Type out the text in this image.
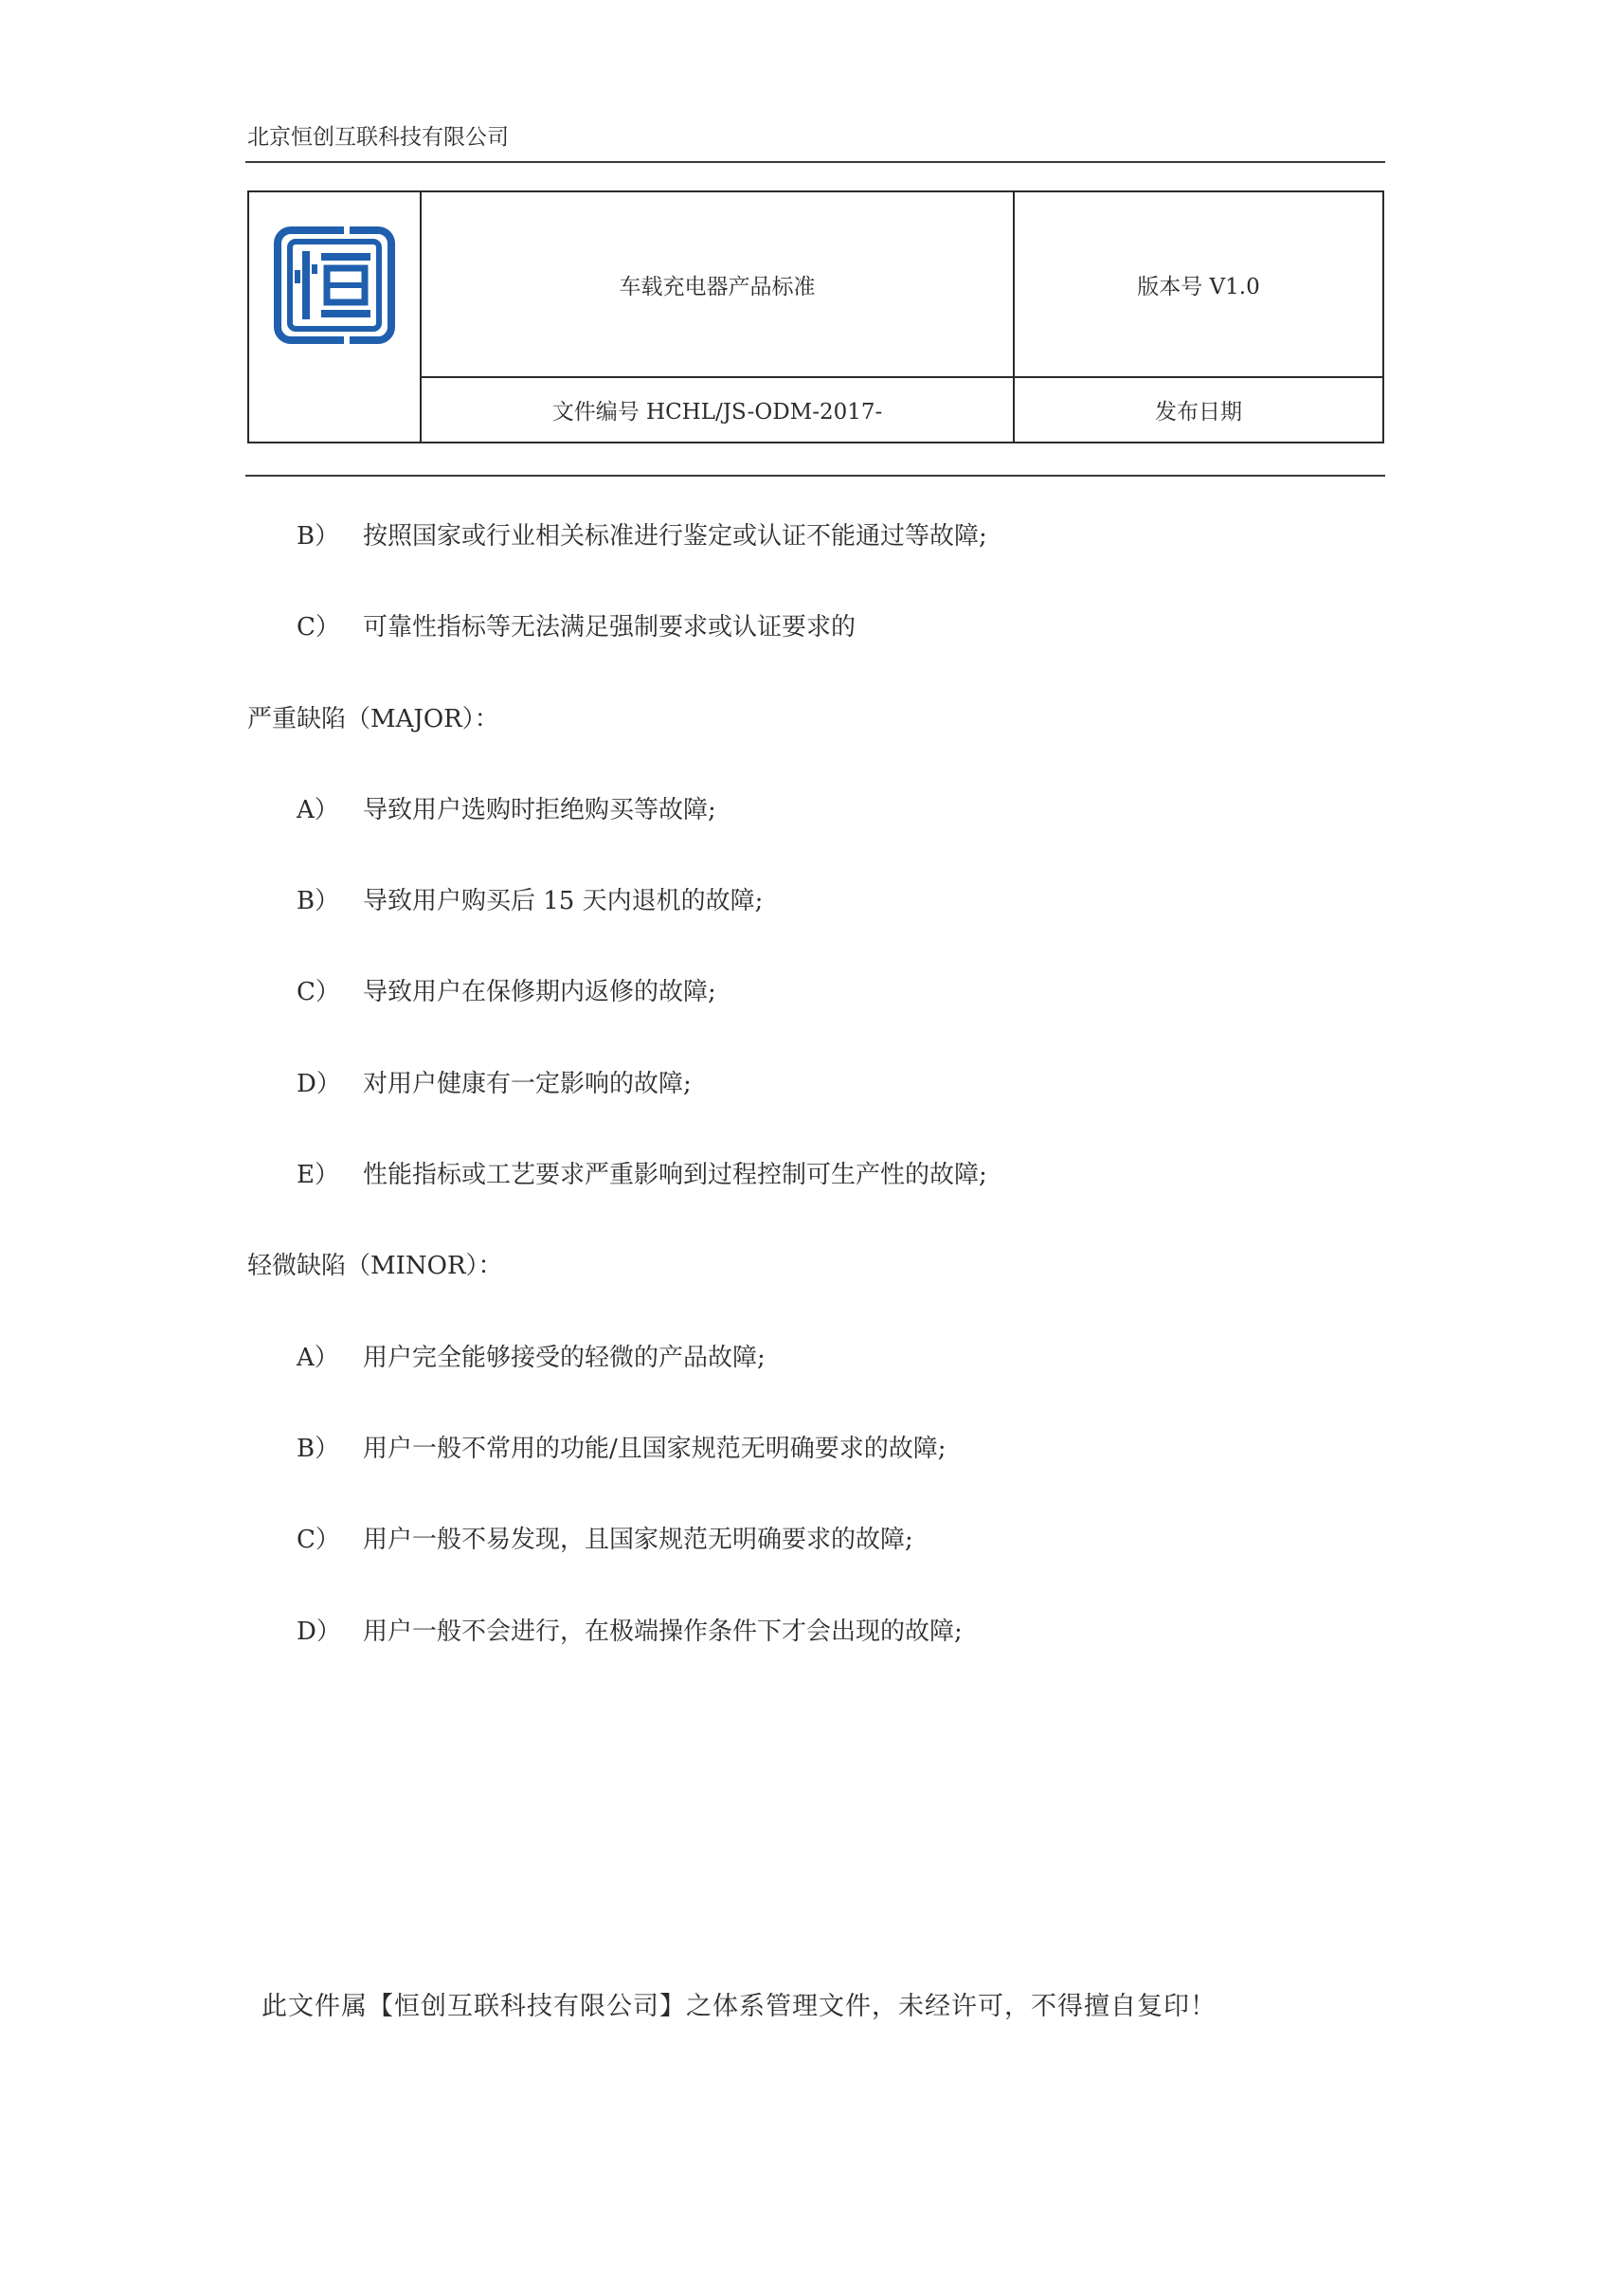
北京恒创互联科技有限公司
	车载充电器产品标准	版本号 V1.0
	文件编号 HCHL/JS-ODM-2017-	发布日期
B） 按照国家或行业相关标准进行鉴定或认证不能通过等故障;
C） 可靠性指标等无法满足强制要求或认证要求的
严重缺陷（MAJOR）：
A） 导致用户选购时拒绝购买等故障;
B） 导致用户购买后 15 天内退机的故障;
C） 导致用户在保修期内返修的故障;
D） 对用户健康有一定影响的故障;
E） 性能指标或工艺要求严重影响到过程控制可生产性的故障;
轻微缺陷（MINOR）：
A） 用户完全能够接受的轻微的产品故障;
B） 用户一般不常用的功能/且国家规范无明确要求的故障;
C） 用户一般不易发现，且国家规范无明确要求的故障;
D） 用户一般不会进行，在极端操作条件下才会出现的故障;
此文件属【恒创互联科技有限公司】之体系管理文件，未经许可，不得擅自复印！
